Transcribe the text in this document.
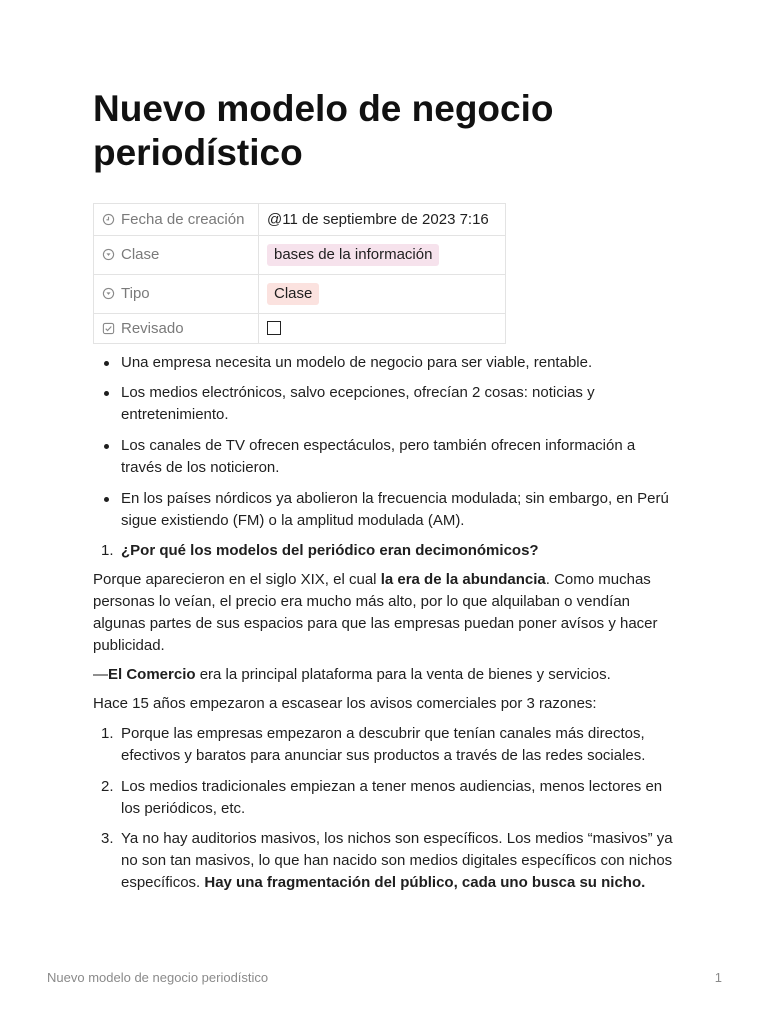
Nuevo modelo de negocio periodístico
Fecha de creación	@11 de septiembre de 2023 7:16
Clase	bases de la información
Tipo	Clase
Revisado	
Una empresa necesita un modelo de negocio para ser viable, rentable.
Los medios electrónicos, salvo ecepciones, ofrecían 2 cosas: noticias y entretenimiento.
Los canales de TV ofrecen espectáculos, pero también ofrecen información a través de los noticieron.
En los países nórdicos ya abolieron la frecuencia modulada; sin embargo, en Perú sigue existiendo (FM) o la amplitud modulada (AM).
1. ¿Por qué los modelos del periódico eran decimonómicos?

Porque aparecieron en el siglo XIX, el cual la era de la abundancia. Como muchas personas lo veían, el precio era mucho más alto, por lo que alquilaban o vendían algunas partes de sus espacios para que las empresas puedan poner avísos y hacer publicidad.

—El Comercio era la principal plataforma para la venta de bienes y servicios.

Hace 15 años empezaron a escasear los avisos comerciales por 3 razones:

1. Porque las empresas empezaron a descubrir que tenían canales más directos, efectivos y baratos para anunciar sus productos a través de las redes sociales.
2. Los medios tradicionales empiezan a tener menos audiencias, menos lectores en los periódicos, etc.
3. Ya no hay auditorios masivos, los nichos son específicos. Los medios “masivos” ya no son tan masivos, lo que han nacido son medios digitales específicos con nichos específicos. Hay una fragmentación del público, cada uno busca su nicho.
Nuevo modelo de negocio periodístico	1
